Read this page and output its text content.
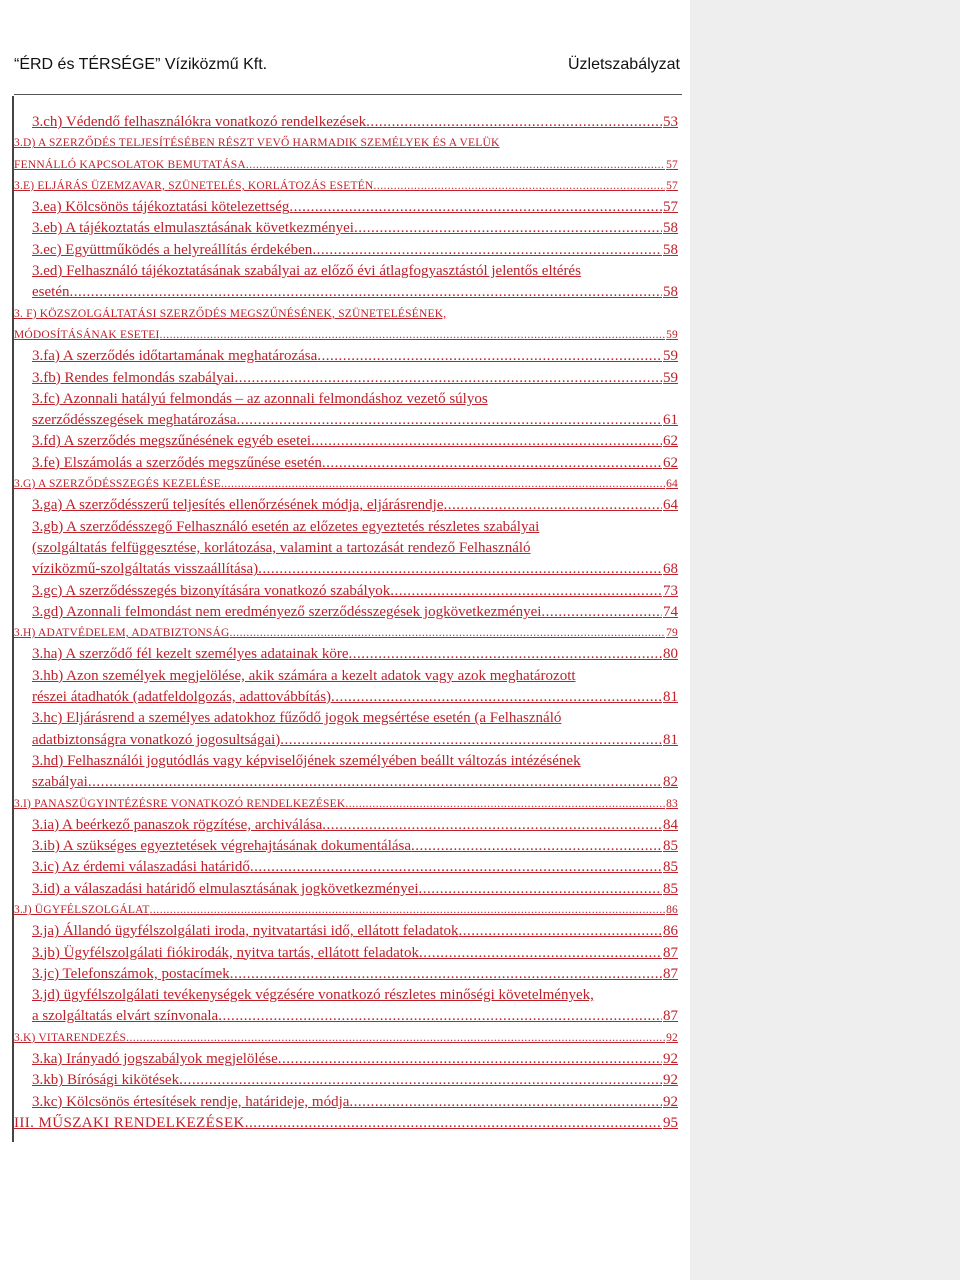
“ÉRD és TÉRSÉGE” Víziközmű Kft.	Üzletszabályzat
3.ch) Védendő felhasználókra vonatkozó rendelkezések .....	53
3.D) A SZERZŐDÉS TELJESÍTÉSÉBEN RÉSZT VEVŐ HARMADIK SZEMÉLYEK ÉS A VELÜK
FENNÁLLÓ KAPCSOLATOK BEMUTATÁSA .....	57
3.E) ELJÁRÁS ÜZEMZAVAR, SZÜNETELÉS, KORLÁTOZÁS ESETÉN .....	57
3.ea) Kölcsönös tájékoztatási kötelezettség .....	57
3.eb) A tájékoztatás elmulasztásának következményei .....	58
3.ec) Együttműködés a helyreállítás érdekében .....	58
3.ed) Felhasználó tájékoztatásának szabályai az előző évi átlagfogyasztástól jelentős eltérés
esetén .....	58
3. F) KÖZSZOLGÁLTATÁSI SZERZŐDÉS MEGSZŰNÉSÉNEK, SZÜNETELÉSÉNEK,
MÓDOSÍTÁSÁNAK ESETEI .....	59
3.fa) A szerződés időtartamának meghatározása .....	59
3.fb) Rendes felmondás szabályai .....	59
3.fc) Azonnali hatályú felmondás – az azonnali felmondáshoz vezető súlyos
szerződésszegések meghatározása .....	61
3.fd) A szerződés megszűnésének egyéb esetei .....	62
3.fe) Elszámolás a szerződés megszűnése esetén .....	62
3.G) A SZERZŐDÉSSZEGÉS KEZELÉSE .....	64
3.ga) A szerződésszerű teljesítés ellenőrzésének módja, eljárásrendje .....	64
3.gb) A szerződésszegő Felhasználó esetén az előzetes egyeztetés részletes szabályai
(szolgáltatás felfüggesztése, korlátozása, valamint a tartozását rendező Felhasználó
víziközmű-szolgáltatás visszaállítása) .....	68
3.gc) A szerződésszegés bizonyítására vonatkozó szabályok .....	73
3.gd) Azonnali felmondást nem eredményező szerződésszegések jogkövetkezményei .....	74
3.H) ADATVÉDELEM, ADATBIZTONSÁG .....	79
3.ha) A szerződő fél kezelt személyes adatainak köre .....	80
3.hb) Azon személyek megjelölése, akik számára a kezelt adatok vagy azok meghatározott
részei átadhatók (adatfeldolgozás, adattovábbítás) .....	81
3.hc) Eljárásrend a személyes adatokhoz fűződő jogok megsértése esetén (a Felhasználó
adatbiztonságra vonatkozó jogosultságai) .....	81
3.hd) Felhasználói jogutódlás vagy képviselőjének személyében beállt változás intézésének
szabályai .....	82
3.I) PANASZÜGYINTÉZÉSRE VONATKOZÓ RENDELKEZÉSEK .....	83
3.ia) A beérkező panaszok rögzítése, archiválása .....	84
3.ib) A szükséges egyeztetések végrehajtásának dokumentálása .....	85
3.ic) Az érdemi válaszadási határidő .....	85
3.id) a válaszadási határidő elmulasztásának jogkövetkezményei .....	85
3.J) ÜGYFÉLSZOLGÁLAT .....	86
3.ja) Állandó ügyfélszolgálati iroda, nyitvatartási idő, ellátott feladatok .....	86
3.jb) Ügyfélszolgálati fiókirodák, nyitva tartás, ellátott feladatok .....	87
3.jc) Telefonszámok, postacímek .....	87
3.jd) ügyfélszolgálati tevékenységek végzésére vonatkozó részletes minőségi követelmények,
a szolgáltatás elvárt színvonala .....	87
3.K) VITARENDEZÉS .....	92
3.ka) Irányadó jogszabályok megjelölése .....	92
3.kb) Bírósági kikötések .....	92
3.kc) Kölcsönös értesítések rendje, határideje, módja .....	92
III. MŰSZAKI RENDELKEZÉSEK .....	95
